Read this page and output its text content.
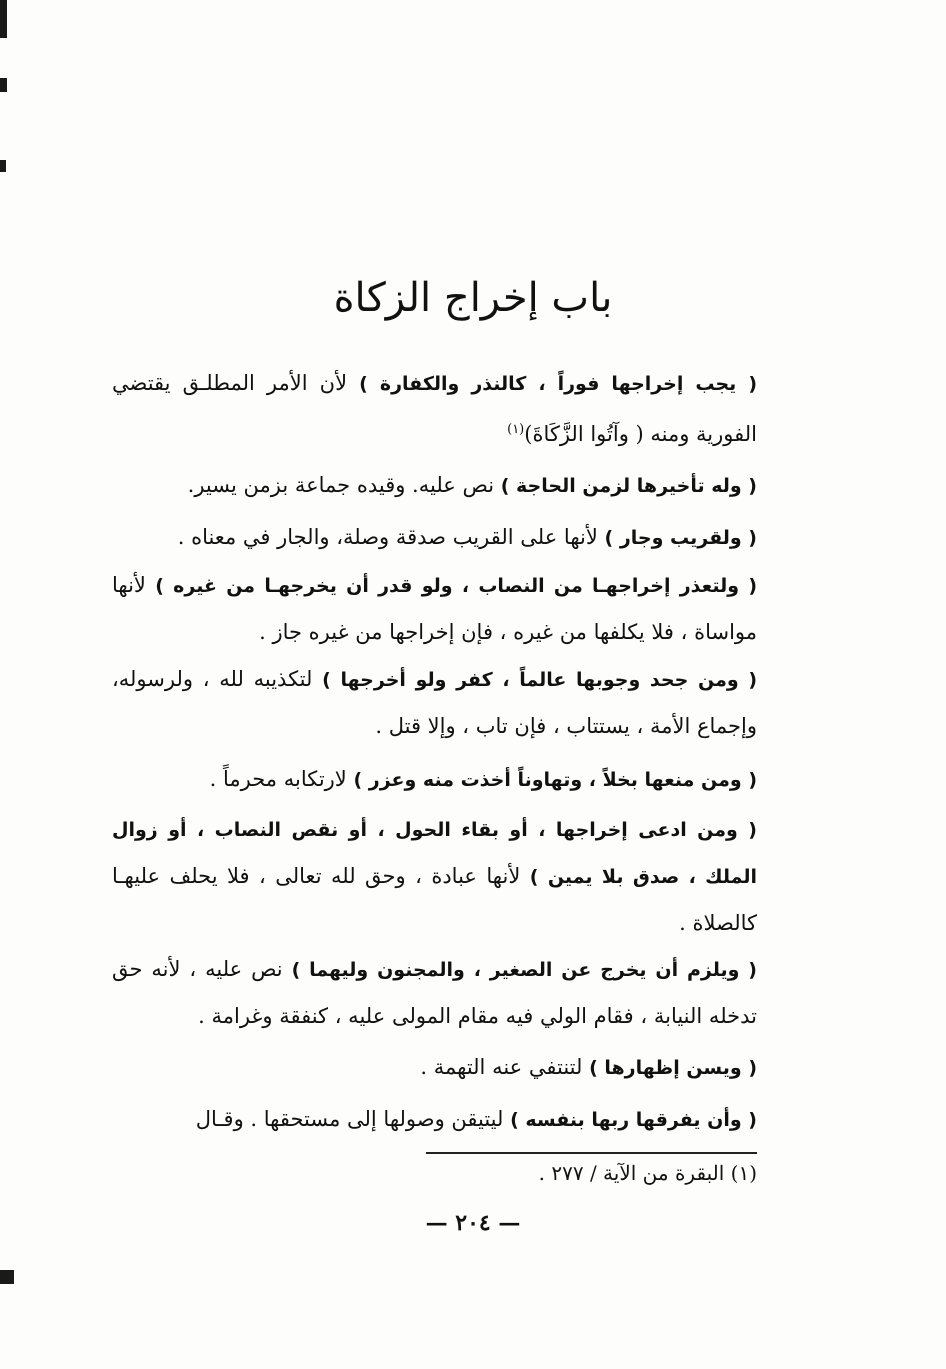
باب إخراج الزكاة

( يجب إخراجها فوراً ، كالنذر والكفارة ) لأن الأمر المطلـق يقتضي الفورية ومنه ( وآتُوا الزَّكَاةَ)$^{(١)}$

( وله تأخيرها لزمن الحاجة ) نص عليه. وقيده جماعة بزمن يسير.

( ولقريب وجار ) لأنها على القريب صدقة وصلة، والجار في معناه .

( ولتعذر إخراجهـا من النصاب ، ولو قدر أن يخرجهـا من غيره ) لأنها مواساة ، فلا يكلفها من غيره ، فإن إخراجها من غيره جاز .

( ومن جحد وجوبها عالماً ، كفر ولو أخرجها ) لتكذيبه لله ، ولرسوله، وإجماع الأمة ، يستتاب ، فإن تاب ، وإلا قتل .

( ومن منعها بخلاً ، وتهاوناً أخذت منه وعزر ) لارتكابه محرماً .

( ومن ادعى إخراجها ، أو بقاء الحول ، أو نقص النصاب ، أو زوال الملك ، صدق بلا يمين ) لأنها عبادة ، وحق لله تعالى ، فلا يحلف عليهـا كالصلاة .

( ويلزم أن يخرج عن الصغير ، والمجنون وليهما ) نص عليه ، لأنه حق تدخله النيابة ، فقام الولي فيه مقام المولى عليه ، كنفقة وغرامة .

( ويسن إظهارها ) لتنتفي عنه التهمة .

( وأن يفرقها ربها بنفسه ) ليتيقن وصولها إلى مستحقها . وقـال

(١) البقرة من الآية / ٢٧٧ .

— ٢٠٤ —
